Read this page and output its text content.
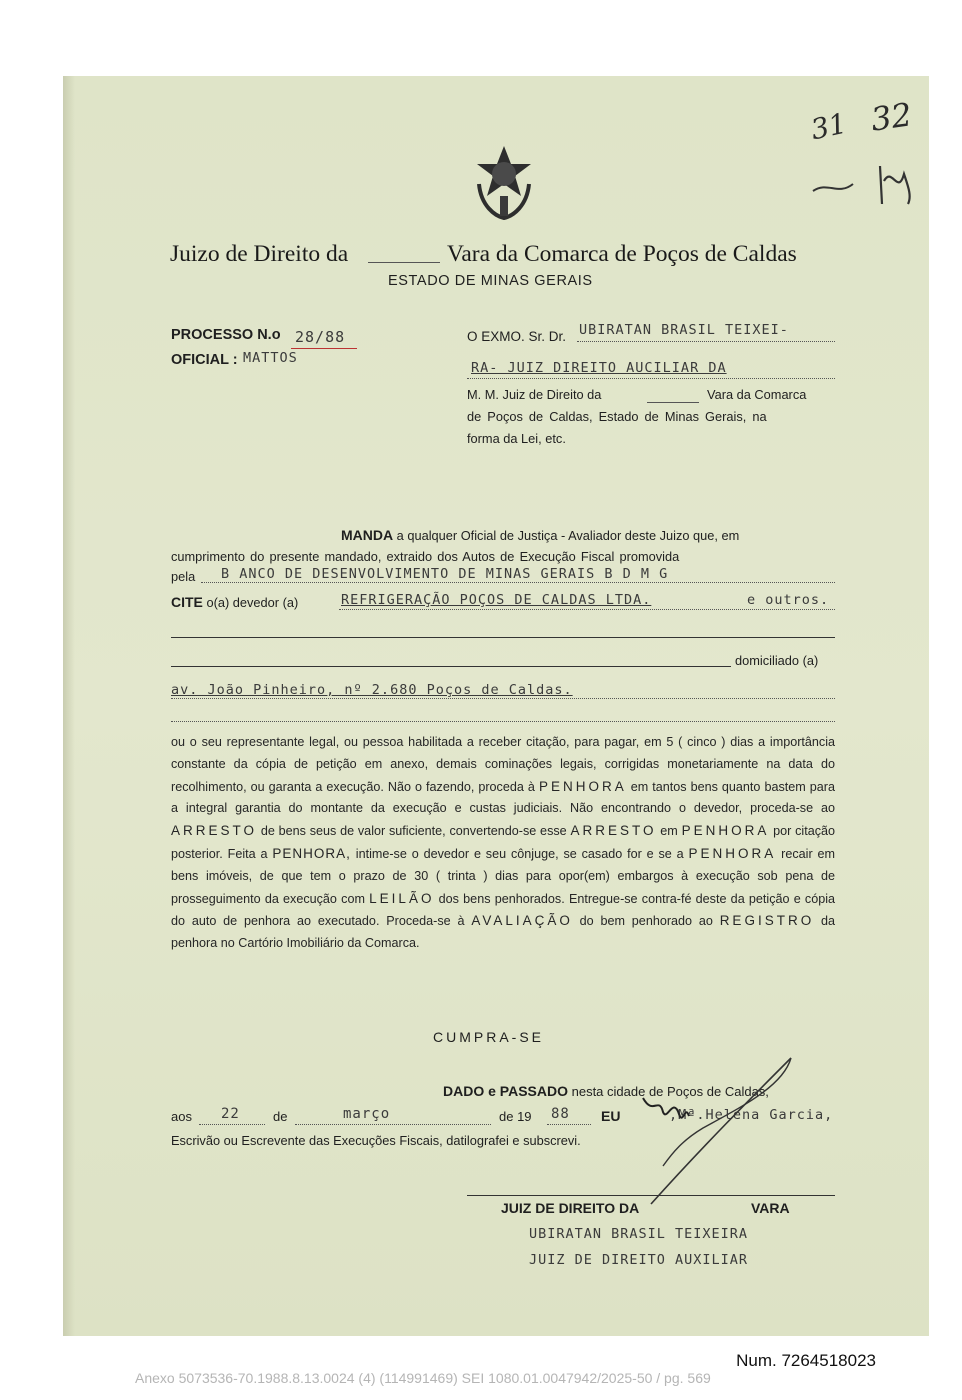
31 32
Juizo de Direito da	Vara da Comarca de Poços de Caldas
ESTADO DE MINAS GERAIS
PROCESSO N.o 28/88
OFICIAL : MATTOS
O EXMO. Sr. Dr. UBIRATAN BRASIL TEIXEI-
RA- JUIZ DIREITO AUCILIAR DA
M. M. Juiz de Direito da	Vara da Comarca
de Poços de Caldas, Estado de Minas Gerais, na
forma da Lei, etc.
MANDA a qualquer Oficial de Justiça - Avaliador deste Juizo que, em
cumprimento do presente mandado, extraido dos Autos de Execução Fiscal promovida
pela B ANCO DE DESENVOLVIMENTO DE MINAS GERAIS B D M G
CITE o(a) devedor (a)	REFRIGERAÇÃO POÇOS DE CALDAS LTDA.	e outros.
domiciliado (a)
av. João Pinheiro, nº 2.680 Poços de Caldas.
ou o seu representante legal, ou pessoa habilitada a receber citação, para pagar, em 5 ( cinco ) dias a importância constante da cópia de petição em anexo, demais cominações legais, corrigidas monetariamente na data do recolhimento, ou garanta a execução. Não o fazendo, proceda à PENHORA em tantos bens quanto bastem para a integral garantia do montante da execução e custas judiciais. Não encontrando o devedor, proceda-se ao ARRESTO de bens seus de valor suficiente, convertendo-se esse ARRESTO em PENHORA por citação posterior. Feita a PENHORA, intime-se o devedor e seu cônjuge, se casado for e se a PENHORA recair em bens imóveis, de que tem o prazo de 30 ( trinta ) dias para opor(em) embargos à execução sob pena de prosseguimento da execução com LEILÃO dos bens penhorados. Entregue-se contra-fé deste da petição e cópia do auto de penhora ao executado. Proceda-se à AVALIAÇÃO do bem penhorado ao REGISTRO da penhora no Cartório Imobiliário da Comarca.
CUMPRA-SE
DADO e PASSADO nesta cidade de Poços de Caldas,
aos 22	de	março	de 19 88 EU	,Mª.Helena Garcia,
Escrivão ou Escrevente das Execuções Fiscais, datilografei e subscrevi.
JUIZ DE DIREITO DA	VARA
UBIRATAN BRASIL TEIXEIRA
JUIZ DE DIREITO AUXILIAR
Num. 7264518023
Anexo 5073536-70.1988.8.13.0024 (4) (114991469) SEI 1080.01.0047942/2025-50 / pg. 569
